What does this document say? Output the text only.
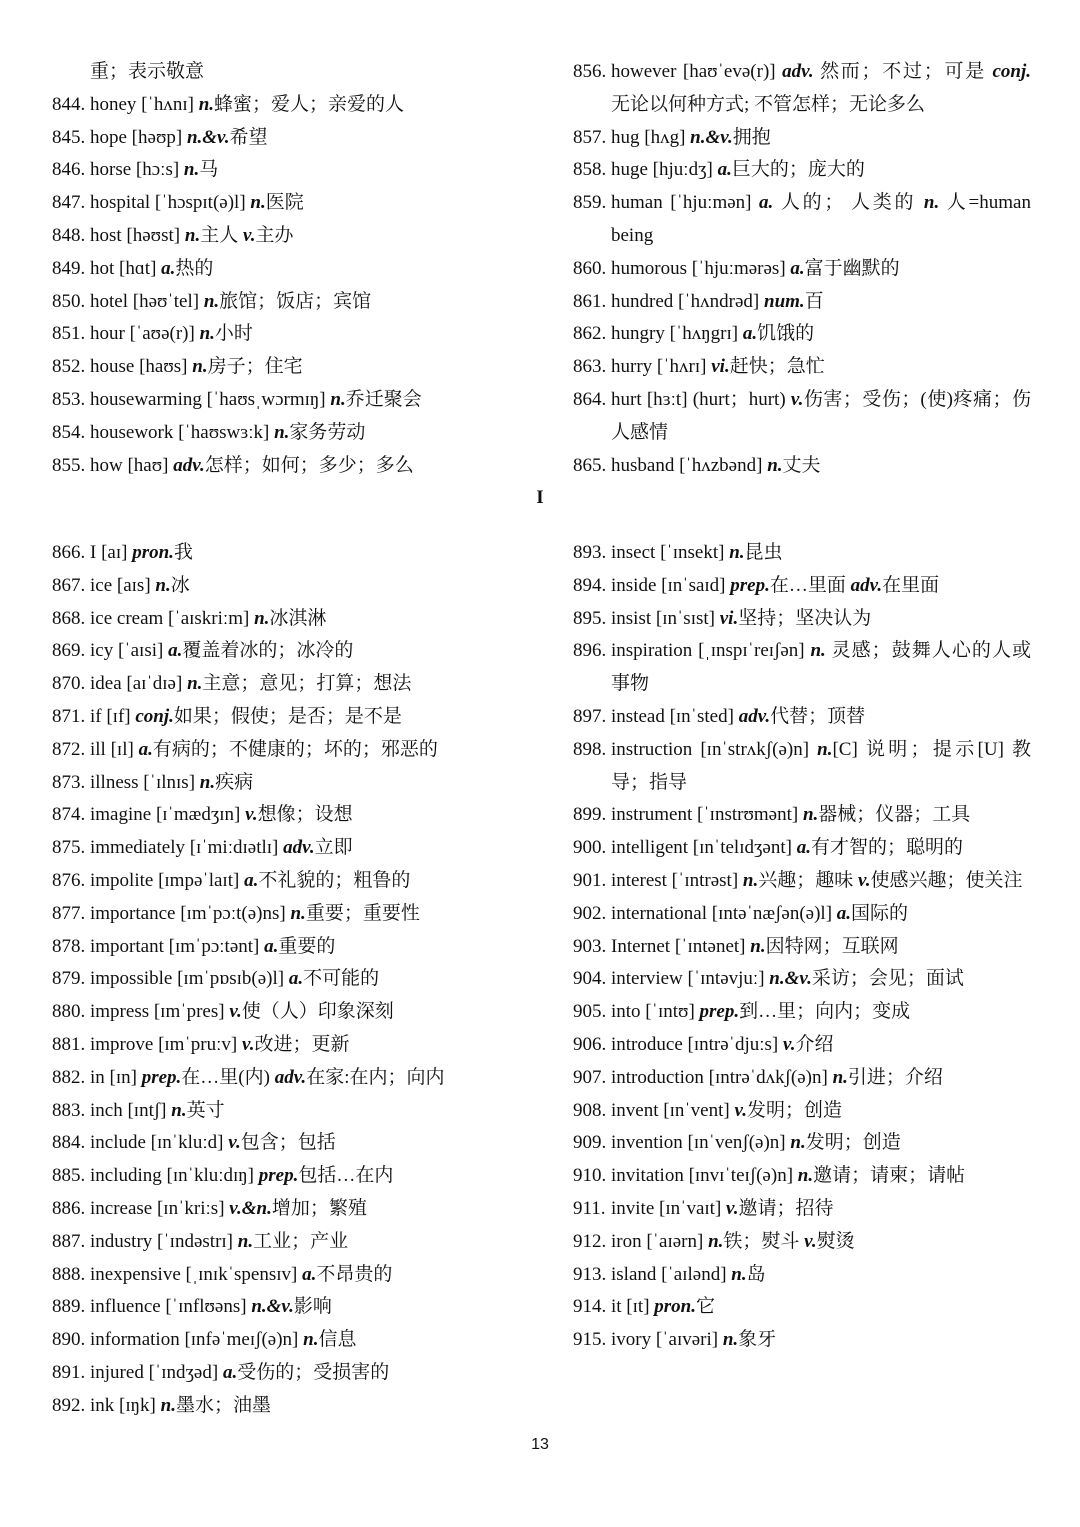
重；表示敬意
844. honey [ˈhʌnɪ] n.蜂蜜；爱人；亲爱的人
845. hope [həʊp] n.&v.希望
846. horse [hɔːs] n.马
847. hospital [ˈhɔspɪt(ə)l] n.医院
848. host [həʊst] n.主人 v.主办
849. hot [hɑt] a.热的
850. hotel [həʊˈtel] n.旅馆；饭店；宾馆
851. hour [ˈaʊə(r)] n.小时
852. house [haʊs] n.房子；住宅
853. housewarming [ˈhaʊsˌwɔrmɪŋ] n.乔迁聚会
854. housework [ˈhaʊswɜːk] n.家务劳动
855. how [haʊ] adv.怎样；如何；多少；多么
856. however [haʊˈevə(r)] adv. 然而；不过；可是 conj. 无论以何种方式; 不管怎样；无论多么
857. hug [hʌg] n.&v.拥抱
858. huge [hjuːdʒ] a.巨大的；庞大的
859. human [ˈhjuːmən] a. 人的； 人类的 n. 人=human being
860. humorous [ˈhjuːmərəs] a.富于幽默的
861. hundred [ˈhʌndrəd] num.百
862. hungry [ˈhʌŋgrɪ] a.饥饿的
863. hurry [ˈhʌrɪ] vi.赶快；急忙
864. hurt [hɜːt] (hurt；hurt) v.伤害；受伤；(使)疼痛；伤人感情
865. husband [ˈhʌzbənd] n.丈夫
I
866. I [aɪ] pron.我
867. ice [aɪs] n.冰
868. ice cream [ˈaɪskriːm] n.冰淇淋
869. icy [ˈaɪsi] a.覆盖着冰的；冰冷的
870. idea [aɪˈdɪə] n.主意；意见；打算；想法
871. if [ɪf] conj.如果；假使；是否；是不是
872. ill [ɪl] a.有病的；不健康的；坏的；邪恶的
873. illness [ˈɪlnɪs] n.疾病
874. imagine [ɪˈmædʒɪn] v.想像；设想
875. immediately [ɪˈmiːdɪətlɪ] adv.立即
876. impolite [ɪmpəˈlaɪt] a.不礼貌的；粗鲁的
877. importance [ɪmˈpɔːt(ə)ns] n.重要；重要性
878. important [ɪmˈpɔːtənt] a.重要的
879. impossible [ɪmˈpɒsɪb(ə)l] a.不可能的
880. impress [ɪmˈpres] v.使（人）印象深刻
881. improve [ɪmˈpruːv] v.改进；更新
882. in [ɪn] prep.在…里(内) adv.在家:在内；向内
883. inch [ɪntʃ] n.英寸
884. include [ɪnˈkluːd] v.包含；包括
885. including [ɪnˈkluːdɪŋ] prep.包括…在内
886. increase [ɪnˈkriːs] v.&n.增加；繁殖
887. industry [ˈɪndəstrɪ] n.工业；产业
888. inexpensive [ˌɪnɪkˈspensɪv] a.不昂贵的
889. influence [ˈɪnflʊəns] n.&v.影响
890. information [ɪnfəˈmeɪʃ(ə)n] n.信息
891. injured [ˈɪndʒəd] a.受伤的；受损害的
892. ink [ɪŋk] n.墨水；油墨
893. insect [ˈɪnsekt] n.昆虫
894. inside [ɪnˈsaɪd] prep.在…里面 adv.在里面
895. insist [ɪnˈsɪst] vi.坚持；坚决认为
896. inspiration [ˌɪnspɪˈreɪʃən] n. 灵感；鼓舞人心的人或事物
897. instead [ɪnˈsted] adv.代替；顶替
898. instruction [ɪnˈstrʌkʃ(ə)n] n.[C] 说明；提示[U] 教导；指导
899. instrument [ˈɪnstrʊmənt] n.器械；仪器；工具
900. intelligent [ɪnˈtelɪdʒənt] a.有才智的；聪明的
901. interest [ˈɪntrəst] n.兴趣；趣味 v.使感兴趣；使关注
902. international [ɪntəˈnæʃən(ə)l] a.国际的
903. Internet [ˈɪntənet] n.因特网；互联网
904. interview [ˈɪntəvjuː] n.&v.采访；会见；面试
905. into [ˈɪntʊ] prep.到…里；向内；变成
906. introduce [ɪntrəˈdjuːs] v.介绍
907. introduction [ɪntrəˈdʌkʃ(ə)n] n.引进；介绍
908. invent [ɪnˈvent] v.发明；创造
909. invention [ɪnˈvenʃ(ə)n] n.发明；创造
910. invitation [ɪnvɪˈteɪʃ(ə)n] n.邀请；请柬；请帖
911. invite [ɪnˈvaɪt] v.邀请；招待
912. iron [ˈaɪərn] n.铁；熨斗 v.熨烫
913. island [ˈaɪlənd] n.岛
914. it [ɪt] pron.它
915. ivory [ˈaɪvəri] n.象牙
13
